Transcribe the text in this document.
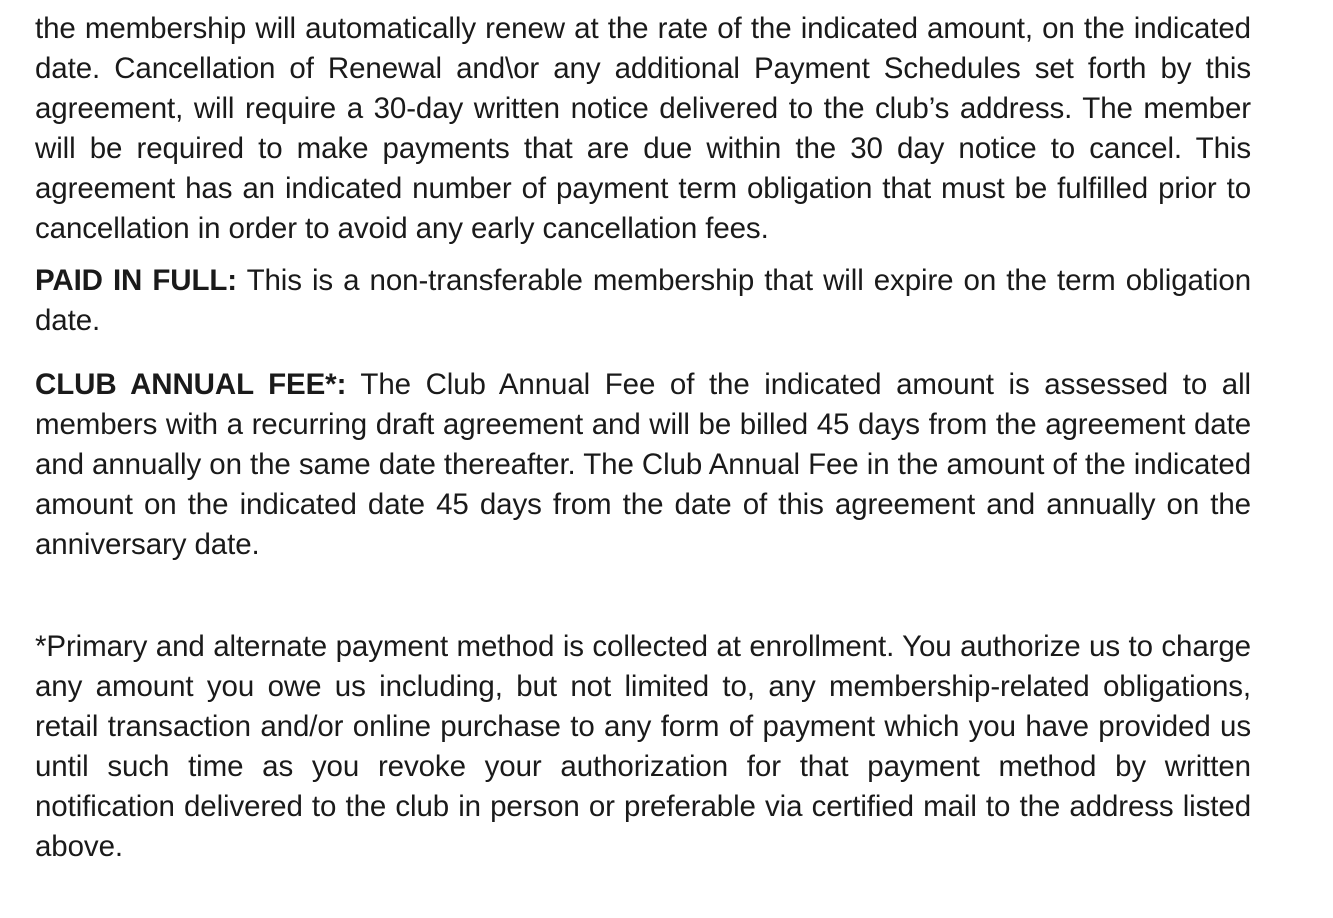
the membership will automatically renew at the rate of the indicated amount, on the indicated date. Cancellation of Renewal and\or any additional Payment Schedules set forth by this agreement, will require a 30-day written notice delivered to the club’s address. The member will be required to make payments that are due within the 30 day notice to cancel. This agreement has an indicated number of payment term obligation that must be fulfilled prior to cancellation in order to avoid any early cancellation fees.

PAID IN FULL: This is a non-transferable membership that will expire on the term obligation date.

CLUB ANNUAL FEE*: The Club Annual Fee of the indicated amount is assessed to all members with a recurring draft agreement and will be billed 45 days from the agreement date and annually on the same date thereafter. The Club Annual Fee in the amount of the indicated amount on the indicated date 45 days from the date of this agreement and annually on the anniversary date.

*Primary and alternate payment method is collected at enrollment. You authorize us to charge any amount you owe us including, but not limited to, any membership-related obligations, retail transaction and/or online purchase to any form of payment which you have provided us until such time as you revoke your authorization for that payment method by written notification delivered to the club in person or preferable via certified mail to the address listed above.
